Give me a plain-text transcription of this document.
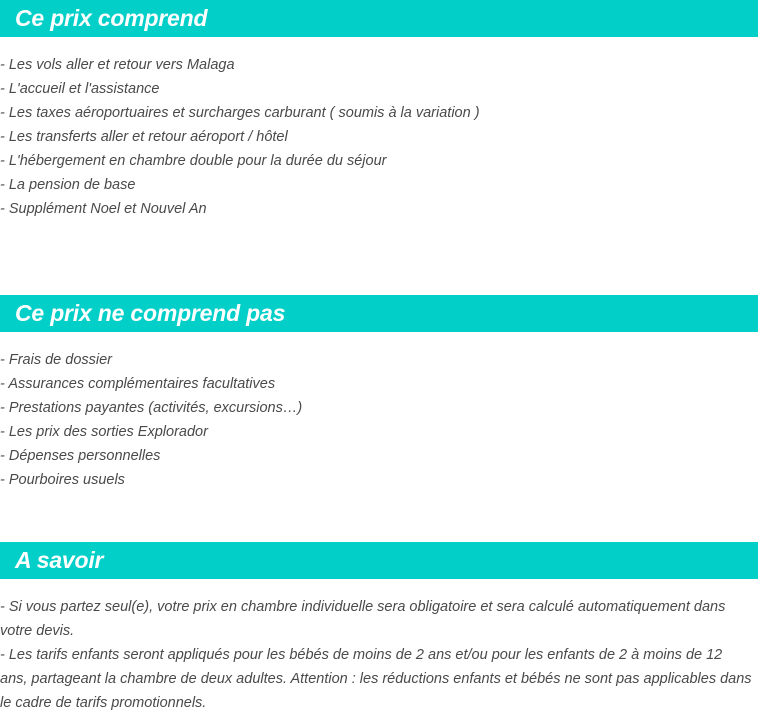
Ce prix comprend
- Les vols aller et retour vers Malaga
- L'accueil et l'assistance
- Les taxes aéroportuaires et surcharges carburant ( soumis à la variation )
- Les transferts aller et retour aéroport / hôtel
- L'hébergement en chambre double pour la durée du séjour
- La pension de base
- Supplément Noel et Nouvel An
Ce prix ne comprend pas
- Frais de dossier
- Assurances complémentaires facultatives
- Prestations payantes (activités, excursions…)
- Les prix des sorties Explorador
- Dépenses personnelles
- Pourboires usuels
A savoir

- Si vous partez seul(e), votre prix en chambre individuelle sera obligatoire et sera calculé automatiquement dans votre devis.

- Les tarifs enfants seront appliqués pour les bébés de moins de 2 ans et/ou pour les enfants de 2 à moins de 12 ans, partageant la chambre de deux adultes. Attention : les réductions enfants et bébés ne sont pas applicables dans le cadre de tarifs promotionnels.
